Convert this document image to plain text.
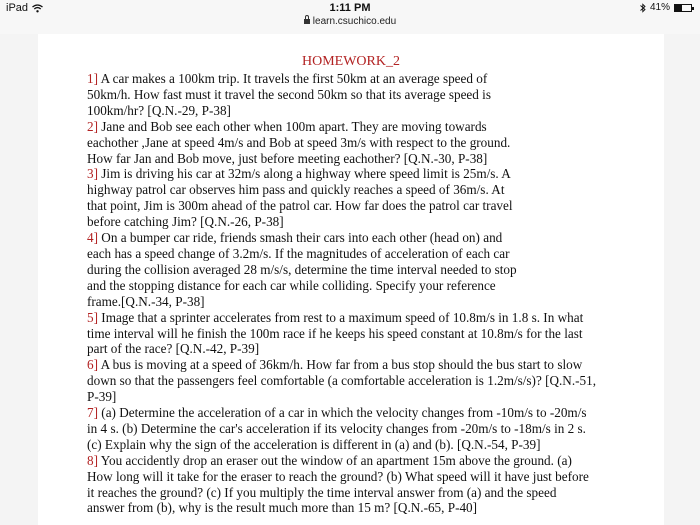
iPad	1:11 PM
learn.csuchico.edu
41%
HOMEWORK_2
1] A car makes a 100km trip. It travels the first 50km at an average speed of
50km/h. How fast must it travel the second 50km so that its average speed is
100km/hr? [Q.N.-29, P-38]
2] Jane and Bob see each other when 100m apart. They are moving towards
eachother ,Jane at speed 4m/s and Bob at speed 3m/s with respect to the ground.
How far Jan and Bob move, just before meeting eachother? [Q.N.-30, P-38]
3] Jim is driving his car at 32m/s along a highway where speed limit is 25m/s. A
highway patrol car observes him pass and quickly reaches a speed of 36m/s. At
that point, Jim is 300m ahead of the patrol car. How far does the patrol car travel
before catching Jim? [Q.N.-26, P-38]
4] On a bumper car ride, friends smash their cars into each other (head on) and
each has a speed change of 3.2m/s. If the magnitudes of acceleration of each car
during the collision averaged 28 m/s/s, determine the time interval needed to stop
and the stopping distance for each car while colliding. Specify your reference
frame.[Q.N.-34, P-38]
5] Image that a sprinter accelerates from rest to a maximum speed of 10.8m/s in 1.8 s. In what
time interval will he finish the 100m race if he keeps his speed constant at 10.8m/s for the last
part of the race? [Q.N.-42, P-39]
6] A bus is moving at a speed of 36km/h. How far from a bus stop should the bus start to slow
down so that the passengers feel comfortable (a comfortable acceleration is 1.2m/s/s)? [Q.N.-51,
P-39]
7] (a) Determine the acceleration of a car in which the velocity changes from -10m/s to -20m/s
in 4 s. (b) Determine the car's acceleration if its velocity changes from -20m/s to -18m/s in 2 s.
(c) Explain why the sign of the acceleration is different in (a) and (b). [Q.N.-54, P-39]
8] You accidently drop an eraser out the window of an apartment 15m above the ground. (a)
How long will it take for the eraser to reach the ground? (b) What speed will it have just before
it reaches the ground? (c) If you multiply the time interval answer from (a) and the speed
answer from (b), why is the result much more than 15 m? [Q.N.-65, P-40]
